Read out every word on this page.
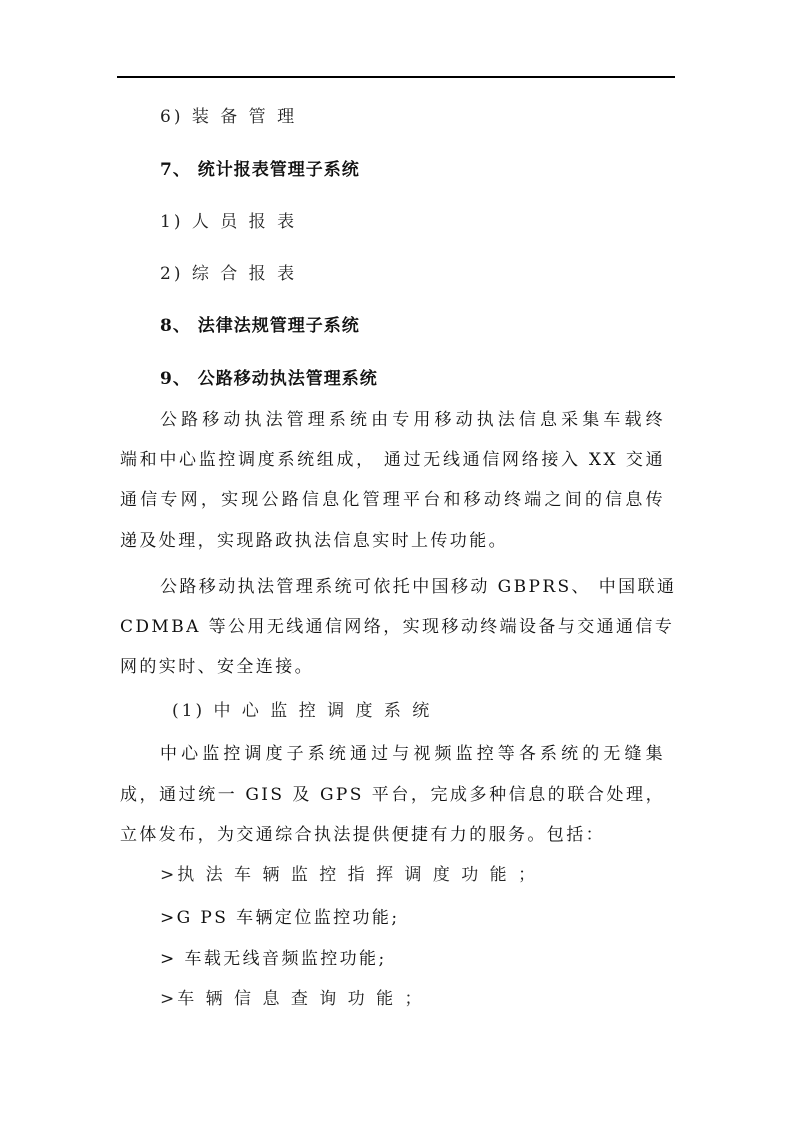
6) 装 备 管 理
7、 统计报表管理子系统
1) 人 员 报 表
2) 综 合 报 表
8、 法律法规管理子系统
9、 公路移动执法管理系统
公路移动执法管理系统由专用移动执法信息采集车载终
端和中心监控调度系统组成， 通过无线通信网络接入 XX 交通
通信专网，实现公路信息化管理平台和移动终端之间的信息传
递及处理，实现路政执法信息实时上传功能。
公路移动执法管理系统可依托中国移动 GBPRS、 中国联通
CDMBA 等公用无线通信网络，实现移动终端设备与交通通信专
网的实时、安全连接。
(1) 中 心 监 控 调 度 系 统
中心监控调度子系统通过与视频监控等各系统的无缝集
成，通过统一 GIS 及 GPS 平台，完成多种信息的联合处理，
立体发布，为交通综合执法提供便捷有力的服务。包括：
>执 法 车 辆 监 控 指 挥 调 度 功 能 ；
>G PS 车辆定位监控功能;
> 车载无线音频监控功能;
>车 辆 信 息 查 询 功 能 ；
